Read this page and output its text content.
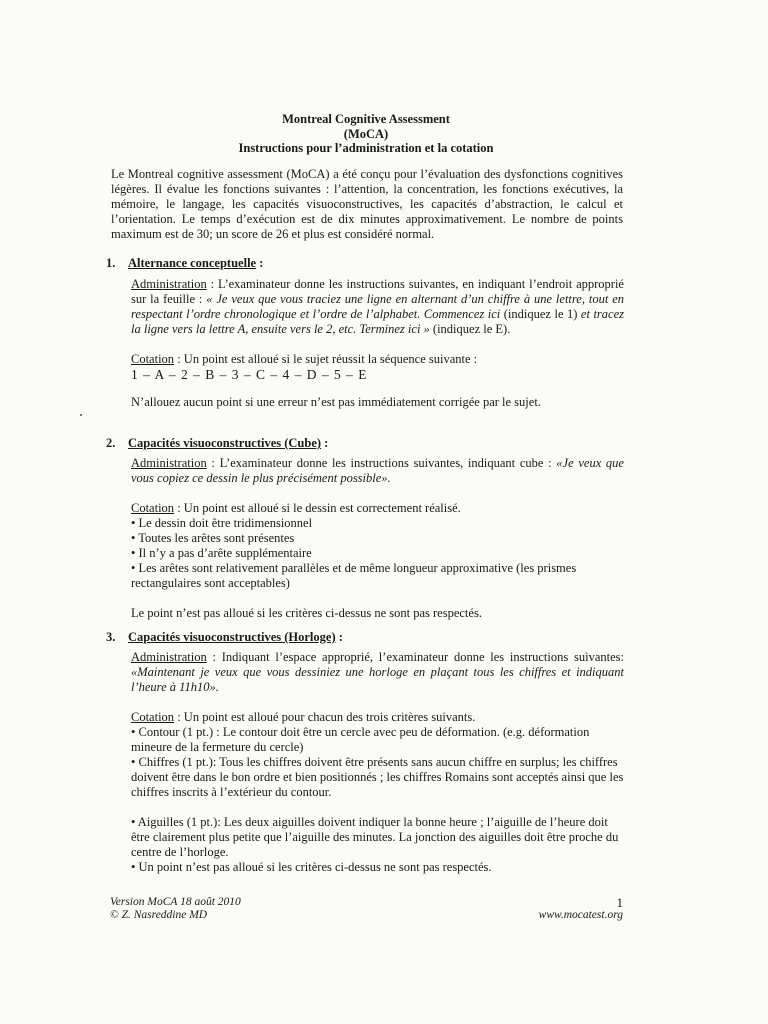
Montreal Cognitive Assessment
(MoCA)
Instructions pour l’administration et la cotation

Le Montreal cognitive assessment (MoCA) a été conçu pour l’évaluation des dysfonctions cognitives légères. Il évalue les fonctions suivantes : l’attention, la concentration, les fonctions exécutives, la mémoire, le langage, les capacités visuoconstructives, les capacités d’abstraction, le calcul et l’orientation. Le temps d’exécution est de dix minutes approximativement. Le nombre de points maximum est de 30; un score de 26 et plus est considéré normal.

1. Alternance conceptuelle :

Administration : L’examinateur donne les instructions suivantes, en indiquant l’endroit approprié sur la feuille : « Je veux que vous traciez une ligne en alternant d’un chiffre à une lettre, tout en respectant l’ordre chronologique et l’ordre de l’alphabet. Commencez ici (indiquez le 1) et tracez la ligne vers la lettre A, ensuite vers le 2, etc. Terminez ici » (indiquez le E).

Cotation : Un point est alloué si le sujet réussit la séquence suivante :

1 – A – 2 – B – 3 – C – 4 – D – 5 – E

N’allouez aucun point si une erreur n’est pas immédiatement corrigée par le sujet.

2. Capacités visuoconstructives (Cube) :

Administration : L’examinateur donne les instructions suivantes, indiquant cube : «Je veux que vous copiez ce dessin le plus précisément possible».

Cotation : Un point est alloué si le dessin est correctement réalisé.

• Le dessin doit être tridimensionnel

• Toutes les arêtes sont présentes

• Il n’y a pas d’arête supplémentaire

• Les arêtes sont relativement parallèles et de même longueur approximative (les prismes rectangulaires sont acceptables)

Le point n’est pas alloué si les critères ci-dessus ne sont pas respectés.

3. Capacités visuoconstructives (Horloge) :

Administration : Indiquant l’espace approprié, l’examinateur donne les instructions suivantes: «Maintenant je veux que vous dessiniez une horloge en plaçant tous les chiffres et indiquant l’heure à 11h10».

Cotation : Un point est alloué pour chacun des trois critères suivants.

• Contour (1 pt.) : Le contour doit être un cercle avec peu de déformation. (e.g. déformation mineure de la fermeture du cercle)

• Chiffres (1 pt.): Tous les chiffres doivent être présents sans aucun chiffre en surplus; les chiffres doivent être dans le bon ordre et bien positionnés ; les chiffres Romains sont acceptés ainsi que les chiffres inscrits à l’extérieur du contour.

• Aiguilles (1 pt.): Les deux aiguilles doivent indiquer la bonne heure ; l’aiguille de l’heure doit être clairement plus petite que l’aiguille des minutes. La jonction des aiguilles doit être proche du centre de l’horloge.

• Un point n’est pas alloué si les critères ci-dessus ne sont pas respectés.

Version MoCA 18 août 2010
© Z. Nasreddine MD
1
www.mocatest.org
